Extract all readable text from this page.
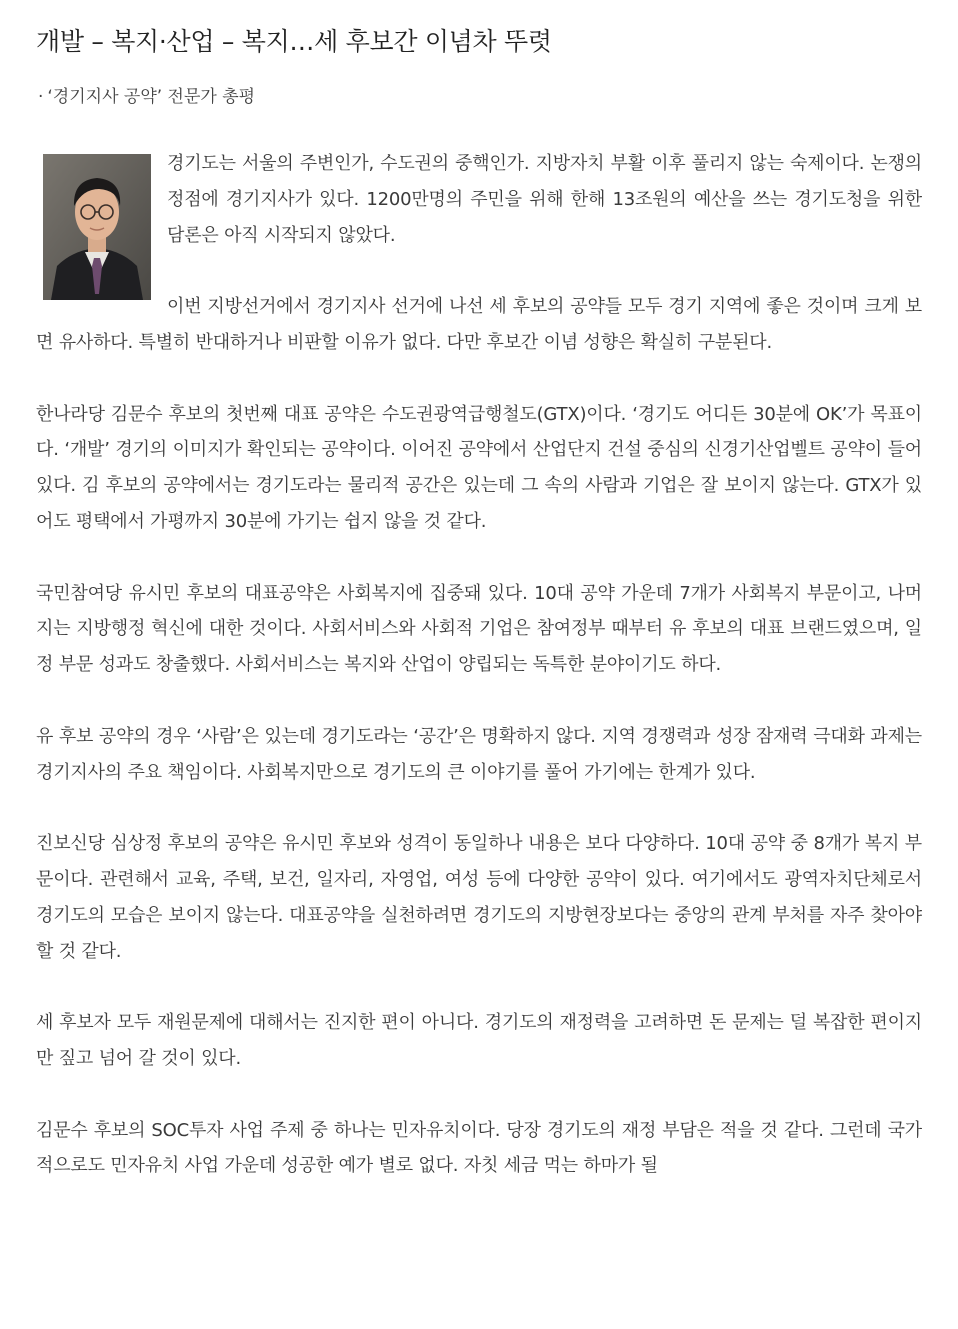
개발 – 복지·산업 – 복지…세 후보간 이념차 뚜렷
· ‘경기지사 공약’ 전문가 총평

경기도는 서울의 주변인가, 수도권의 중핵인가. 지방자치 부활 이후 풀리지 않는 숙제이다. 논쟁의 정점에 경기지사가 있다. 1200만명의 주민을 위해 한해 13조원의 예산을 쓰는 경기도청을 위한 담론은 아직 시작되지 않았다.

이번 지방선거에서 경기지사 선거에 나선 세 후보의 공약들 모두 경기 지역에 좋은 것이며 크게 보면 유사하다. 특별히 반대하거나 비판할 이유가 없다. 다만 후보간 이념 성향은 확실히 구분된다.

한나라당 김문수 후보의 첫번째 대표 공약은 수도권광역급행철도(GTX)이다. ‘경기도 어디든 30분에 OK’가 목표이다. ‘개발’ 경기의 이미지가 확인되는 공약이다. 이어진 공약에서 산업단지 건설 중심의 신경기산업벨트 공약이 들어 있다. 김 후보의 공약에서는 경기도라는 물리적 공간은 있는데 그 속의 사람과 기업은 잘 보이지 않는다. GTX가 있어도 평택에서 가평까지 30분에 가기는 쉽지 않을 것 같다.

국민참여당 유시민 후보의 대표공약은 사회복지에 집중돼 있다. 10대 공약 가운데 7개가 사회복지 부문이고, 나머지는 지방행정 혁신에 대한 것이다. 사회서비스와 사회적 기업은 참여정부 때부터 유 후보의 대표 브랜드였으며, 일정 부문 성과도 창출했다. 사회서비스는 복지와 산업이 양립되는 독특한 분야이기도 하다.

유 후보 공약의 경우 ‘사람’은 있는데 경기도라는 ‘공간’은 명확하지 않다. 지역 경쟁력과 성장 잠재력 극대화 과제는 경기지사의 주요 책임이다. 사회복지만으로 경기도의 큰 이야기를 풀어 가기에는 한계가 있다.

진보신당 심상정 후보의 공약은 유시민 후보와 성격이 동일하나 내용은 보다 다양하다. 10대 공약 중 8개가 복지 부문이다. 관련해서 교육, 주택, 보건, 일자리, 자영업, 여성 등에 다양한 공약이 있다. 여기에서도 광역자치단체로서 경기도의 모습은 보이지 않는다. 대표공약을 실천하려면 경기도의 지방현장보다는 중앙의 관계 부처를 자주 찾아야 할 것 같다.

세 후보자 모두 재원문제에 대해서는 진지한 편이 아니다. 경기도의 재정력을 고려하면 돈 문제는 덜 복잡한 편이지만 짚고 넘어 갈 것이 있다.

김문수 후보의 SOC투자 사업 주제 중 하나는 민자유치이다. 당장 경기도의 재정 부담은 적을 것 같다. 그런데 국가적으로도 민자유치 사업 가운데 성공한 예가 별로 없다. 자칫 세금 먹는 하마가 될
